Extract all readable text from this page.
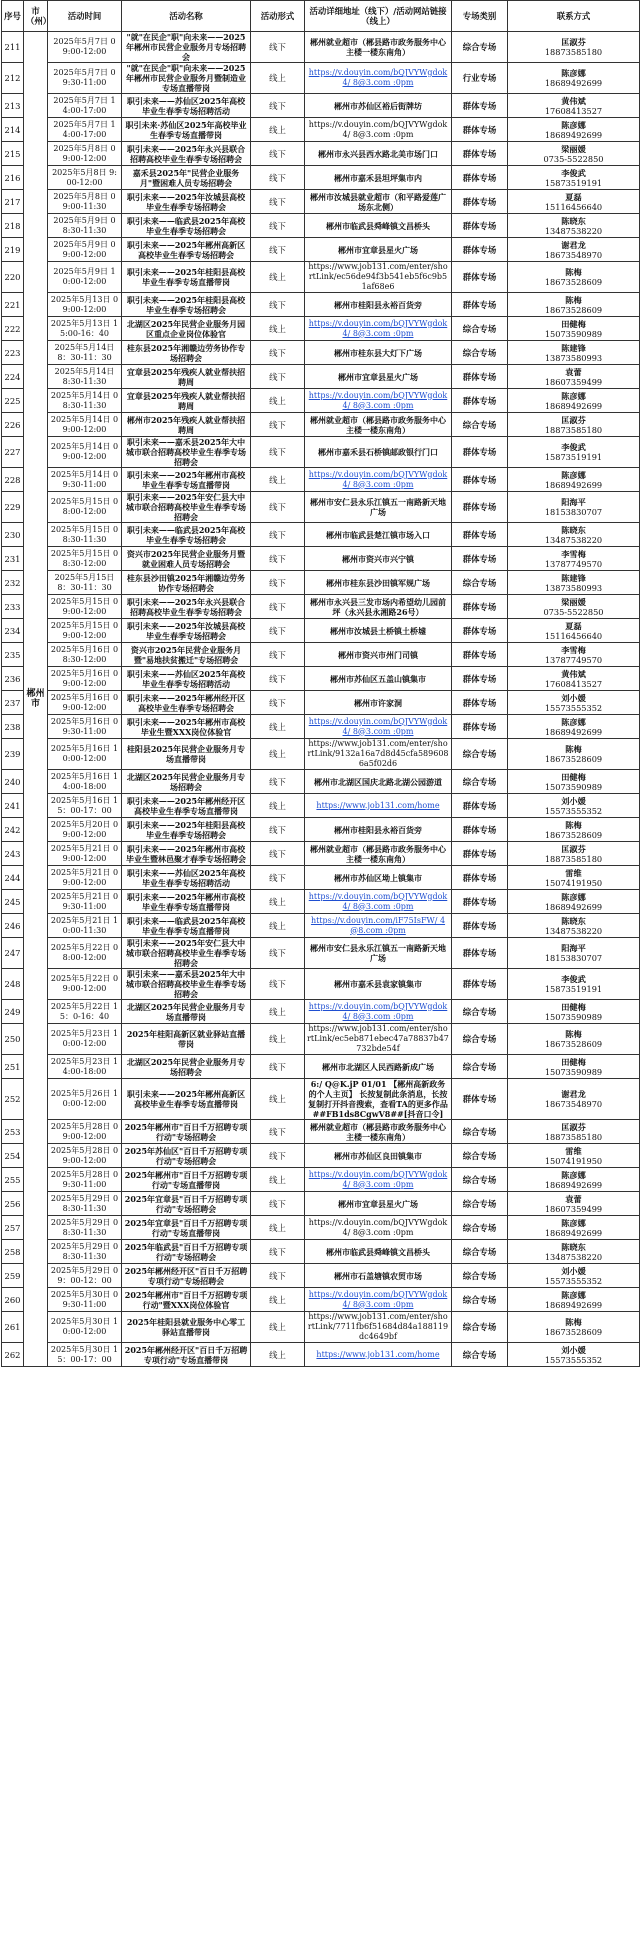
序号	市（州）	活动时间	活动名称	活动形式	活动详细地址（线下）/活动网站链接（线上）	专场类别	联系方式
211	郴州市	2025年5月7日 09:00-12:00	"就"在民企"职"向未来——2025年郴州市民营企业服务月专场招聘会	线下	郴州就业超市（郴县路市政务服务中心主楼一楼东南角）	综合专场	匡淑芬
18873585180

212		2025年5月7日 09:30-11:00	"就"在民企"职"向未来——2025年郴州市民营企业服务月暨制造业专场直播带岗	线上	https://v.douyin.com/bQJVYWgdok4/ 8@3.com :0pm	行业专场	陈彦娜
18689492699

213		2025年5月7日 14:00-17:00	职引未来——苏仙区2025年高校毕业生春季专场招聘活动	线下	郴州市苏仙区裕后街牌坊	群体专场	黄伟斌
17608413527

214		2025年5月7日 14:00-17:00	职引未来·苏仙区2025年高校毕业生春季专场直播带岗	线上	https://v.douyin.com/bQJVYWgdok4/ 8@3.com :0pm	群体专场	陈彦娜
18689492699

215		2025年5月8日 09:00-12:00	职引未来——2025年永兴县联合招聘高校毕业生春季专场招聘会	线下	郴州市永兴县西水路北美市场门口	群体专场	梁丽媛
0735-5522850

216		2025年5月8日 9:00-12:00	嘉禾县2025年"民营企业服务月"暨困难人员专场招聘会	线下	郴州市嘉禾县坦坪集市内	群体专场	李俊武
15873519191

217		2025年5月8日 09:00-11:30	职引未来——2025年汝城县高校毕业生春季专场招聘会	线下	郴州市汝城县就业超市（和平路爱莲广场东北侧）	群体专场	夏磊
15116456640

218		2025年5月9日 08:30-11:30	职引未来——临武县2025年高校毕业生春季专场招聘会	线下	郴州市临武县舜峰镇文昌桥头	群体专场	陈晓东
13487538220

219		2025年5月9日 09:00-12:00	职引未来——2025年郴州高新区高校毕业生春季专场招聘会	线下	郴州市宜章县星火广场	群体专场	谢君龙
18673548970

220		2025年5月9日 10:00-12:00	职引未来——2025年桂阳县高校毕业生春季专场直播带岗	线上	https://www.job131.com/enter/shortLink/ec56de94f3b541eb5f6c9b51af68e6	群体专场	陈梅
18673528609

221		2025年5月13日 09:00-12:00	职引未来——2025年桂阳县高校毕业生春季专场招聘会	线下	郴州市桂阳县永裕百货旁	群体专场	陈梅
18673528609

222		2025年5月13日 15:00-16：40	北湖区2025年民营企业服务月园区重点企业岗位体验官	线上	https://v.douyin.com/bQJVYWgdok4/ 8@3.com :0pm	综合专场	田健梅
15073590989

223		2025年5月14日 8：30-11：30	桂东县2025年湘赣边劳务协作专场招聘会	线下	郴州市桂东县大灯下广场	综合专场	陈建锋
13873580993

224		2025年5月14日 8:30-11:30	宜章县2025年残疾人就业帮扶招聘周	线下	郴州市宜章县星火广场	群体专场	袁蕾
18607359499

225		2025年5月14日 08:30-11:30	宜章县2025年残疾人就业帮扶招聘周	线上	https://v.douyin.com/bQJVYWgdok4/ 8@3.com :0pm	群体专场	陈彦娜
18689492699

226		2025年5月14日 09:00-12:00	郴州市2025年残疾人就业帮扶招聘周	线下	郴州就业超市（郴县路市政务服务中心主楼一楼东南角）	综合专场	匡淑芬
18873585180

227		2025年5月14日 09:00-12:00	职引未来——嘉禾县2025年大中城市联合招聘高校毕业生春季专场招聘会	线下	郴州市嘉禾县石桥镇邮政银行门口	群体专场	李俊武
15873519191

228		2025年5月14日 09:30-11:00	职引未来——2025年郴州市高校毕业生春季专场直播带岗	线上	https://v.douyin.com/bQJVYWgdok4/ 8@3.com :0pm	群体专场	陈彦娜
18689492699

229		2025年5月15日 08:00-12:00	职引未来——2025年安仁县大中城市联合招聘高校毕业生春季专场招聘会	线下	郴州市安仁县永乐江镇五一南路新天地广场	群体专场	阳海平
18153830707

230		2025年5月15日 08:30-11:30	职引未来——临武县2025年高校毕业生春季专场招聘会	线下	郴州市临武县楚江镇市场入口	群体专场	陈晓东
13487538220

231		2025年5月15日 08:30-12:00	资兴市2025年民营企业服务月暨就业困难人员专场招聘会	线下	郴州市资兴市兴宁镇	群体专场	李雪梅
13787749570

232		2025年5月15日 8：30-11：30	桂东县沙田镇2025年湘赣边劳务协作专场招聘会	线下	郴州市桂东县沙田镇军规广场	综合专场	陈建锋
13873580993

233		2025年5月15日 09:00-12:00	职引未来——2025年永兴县联合招聘高校毕业生春季专场招聘会	线下	郴州市永兴县三发市场内希望幼儿园前坪（永兴县永湘路26号）	群体专场	梁丽媛
0735-5522850

234		2025年5月15日 09:00-12:00	职引未来——2025年汝城县高校毕业生春季专场招聘会	线下	郴州市汝城县土桥镇土桥墟	群体专场	夏磊
15116456640

235		2025年5月16日 08:30-12:00	资兴市2025年民营企业服务月暨"易地扶贫搬迁"专场招聘会	线下	郴州市资兴市州门司镇	群体专场	李雪梅
13787749570

236		2025年5月16日 09:00-12:00	职引未来——苏仙区2025年高校毕业生春季专场招聘活动	线下	郴州市苏仙区五盖山镇集市	群体专场	黄伟斌
17608413527

237		2025年5月16日 09:00-12:00	职引未来——2025年郴州经开区高校毕业生春季专场招聘会	线下	郴州市许家洞	群体专场	刘小媛
15573555352

238		2025年5月16日 09:30-11:00	职引未来——2025年郴州市高校毕业生暨XXX岗位体验官	线上	https://v.douyin.com/bQJVYWgdok4/ 8@3.com :0pm	群体专场	陈彦娜
18689492699

239		2025年5月16日 10:00-12:00	桂阳县2025年民营企业服务月专场直播带岗	线上	https://www.job131.com/enter/shortLink/9132a16a7d8d45cfa5896086a5f02d6	综合专场	陈梅
18673528609

240		2025年5月16日 14:00-18:00	北湖区2025年民营企业服务月专场招聘会	线下	郴州市北湖区国庆北路北湖公园游道	综合专场	田健梅
15073590989

241		2025年5月16日 15：00-17：00	职引未来——2025年郴州经开区高校毕业生春季专场直播带岗	线上	https://www.job131.com/home	群体专场	刘小媛
15573555352

242		2025年5月20日 09:00-12:00	职引未来——2025年桂阳县高校毕业生春季专场招聘会	线下	郴州市桂阳县永裕百货旁	群体专场	陈梅
18673528609

243		2025年5月21日 09:00-12:00	职引未来——2025年郴州市高校毕业生暨林邑聚才春季专场招聘会	线下	郴州就业超市（郴县路市政务服务中心主楼一楼东南角）	群体专场	匡淑芬
18873585180

244		2025年5月21日 09:00-12:00	职引未来——苏仙区2025年高校毕业生春季专场招聘活动	线下	郴州市苏仙区坳上镇集市	群体专场	雷维
15074191950

245		2025年5月21日 09:30-11:00	职引未来——2025年郴州市高校毕业生春季专场直播带岗	线上	https://v.douyin.com/bQJVYWgdok4/ 8@3.com :0pm	群体专场	陈彦娜
18689492699

246		2025年5月21日 10:00-11:30	职引未来——临武县2025年高校毕业生春季专场直播带岗	线上	https://v.douyin.com/iF75IsFW/ 4@8.com :0pm	群体专场	陈晓东
13487538220

247		2025年5月22日 08:00-12:00	职引未来——2025年安仁县大中城市联合招聘高校毕业生春季专场招聘会	线下	郴州市安仁县永乐江镇五一南路新天地广场	群体专场	阳海平
18153830707

248		2025年5月22日 09:00-12:00	职引未来——嘉禾县2025年大中城市联合招聘高校毕业生春季专场招聘会	线下	郴州市嘉禾县袁家镇集市	群体专场	李俊武
15873519191

249		2025年5月22日 15：0-16：40	北湖区2025年民营企业服务月专场直播带岗	线上	https://v.douyin.com/bQJVYWgdok4/ 8@3.com :0pm	综合专场	田健梅
15073590989

250		2025年5月23日 10:00-12:00	2025年桂阳高新区就业驿站直播带岗	线上	https://www.job131.com/enter/shortLink/ec5eb871ebec47a78837b47732bde54f	综合专场	陈梅
18673528609

251		2025年5月23日 14:00-18:00	北湖区2025年民营企业服务月专场招聘会	线下	郴州市北湖区人民西路新成广场	综合专场	田健梅
15073590989

252		2025年5月26日 10:00-12:00	职引未来——2025年郴州高新区高校毕业生春季专场直播带岗	线上	6:/ Q@K.jP 01/01 【郴州高新政务的个人主页】 长按复制此条消息，长按复制打开抖音搜索，查看TA的更多作品##FB1ds8CgwV8##[抖音口令]	群体专场	谢君龙
18673548970

253		2025年5月28日 09:00-12:00	2025年郴州市"百日千万招聘专项行动"专场招聘会	线下	郴州就业超市（郴县路市政务服务中心主楼一楼东南角）	综合专场	匡淑芬
18873585180

254		2025年5月28日 09:00-12:00	2025年苏仙区"百日千万招聘专项行动"专场招聘会	线下	郴州市苏仙区良田镇集市	综合专场	雷维
15074191950

255		2025年5月28日 09:30-11:00	2025年郴州市"百日千万招聘专项行动"专场直播带岗	线上	https://v.douyin.com/bQJVYWgdok4/ 8@3.com :0pm	综合专场	陈彦娜
18689492699

256		2025年5月29日 08:30-11:30	2025年宜章县"百日千万招聘专项行动"专场招聘会	线下	郴州市宜章县星火广场	综合专场	袁蕾
18607359499

257		2025年5月29日 08:30-11:30	2025年宜章县"百日千万招聘专项行动"专场直播带岗	线上	https://v.douyin.com/bQJVYWgdok4/ 8@3.com :0pm	综合专场	陈彦娜
18689492699

258		2025年5月29日 08:30-11:30	2025年临武县"百日千万招聘专项行动"专场招聘会	线下	郴州市临武县舜峰镇文昌桥头	综合专场	陈晓东
13487538220

259		2025年5月29日 09：00-12：00	2025年郴州经开区"百日千万招聘专项行动"专场招聘会	线下	郴州市石盖塘镇农贸市场	综合专场	刘小媛
15573555352

260		2025年5月30日 09:30-11:00	2025年郴州市"百日千万招聘专项行动"暨XXX岗位体验官	线上	https://v.douyin.com/bQJVYWgdok4/ 8@3.com :0pm	综合专场	陈彦娜
18689492699

261		2025年5月30日 10:00-12:00	2025年桂阳县就业服务中心零工驿站直播带岗	线上	https://www.job131.com/enter/shortLink/7711fb6f51684d84a188119dc4649bf	综合专场	陈梅
18673528609

262		2025年5月30日 15：00-17：00	2025年郴州经开区"百日千万招聘专项行动"专场直播带岗	线上	https://www.job131.com/home	综合专场	刘小媛
15573555352
